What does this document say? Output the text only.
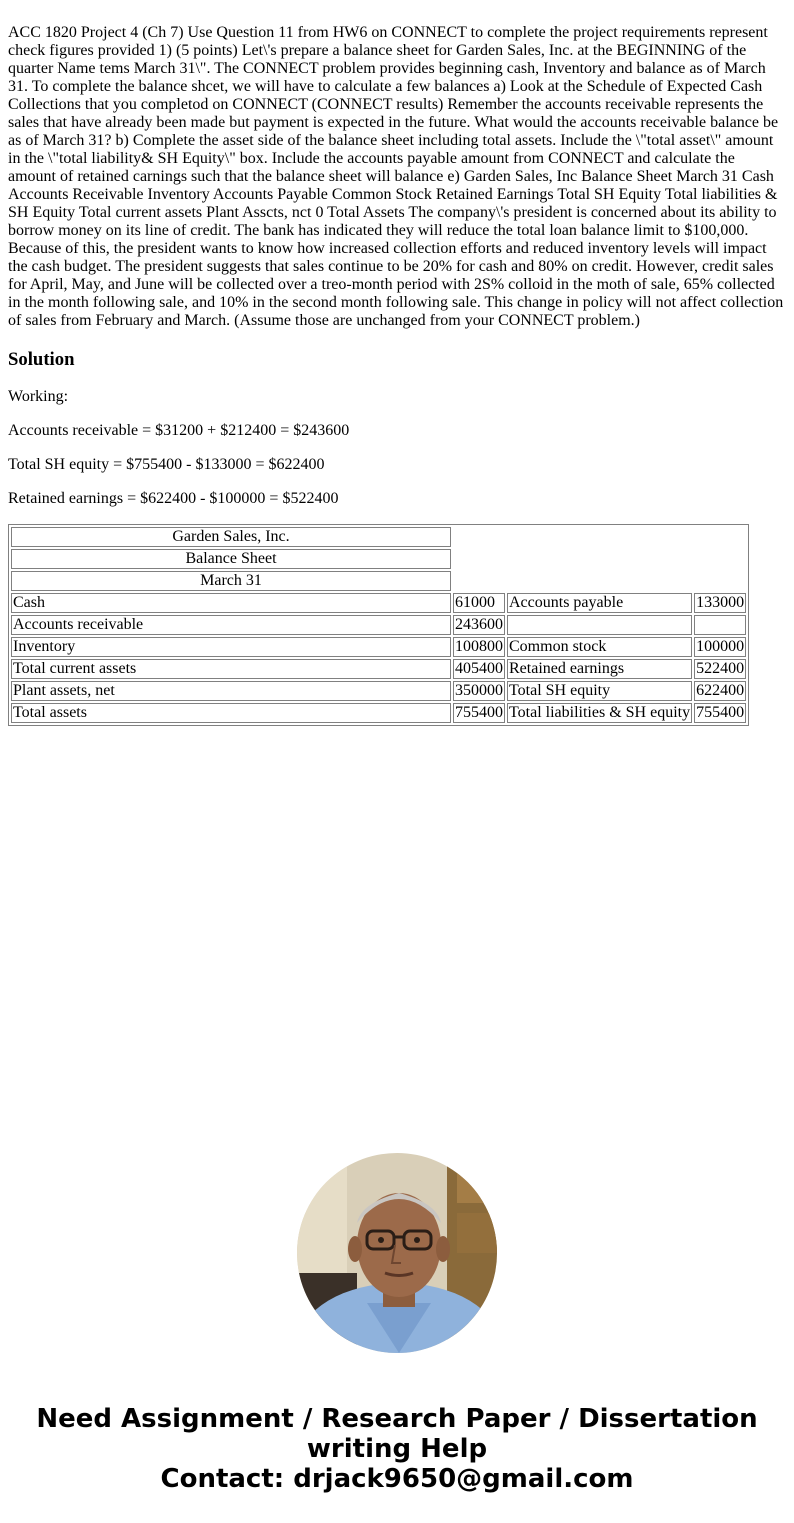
ACC 1820 Project 4 (Ch 7) Use Question 11 from HW6 on CONNECT to complete the project requirements represent check figures provided 1) (5 points) Let\'s prepare a balance sheet for Garden Sales, Inc. at the BEGINNING of the quarter Name tems March 31\". The CONNECT problem provides beginning cash, Inventory and balance as of March 31. To complete the balance shcet, we will have to calculate a few balances a) Look at the Schedule of Expected Cash Collections that you completod on CONNECT (CONNECT results) Remember the accounts receivable represents the sales that have already been made but payment is expected in the future. What would the accounts receivable balance be as of March 31? b) Complete the asset side of the balance sheet including total assets. Include the \"total asset\" amount in the \"total liability& SH Equity\" box. Include the accounts payable amount from CONNECT and calculate the amount of retained carnings such that the balance sheet will balance e) Garden Sales, Inc Balance Sheet March 31 Cash Accounts Receivable Inventory Accounts Payable Common Stock Retained Earnings Total SH Equity Total liabilities & SH Equity Total current assets Plant Asscts, nct 0 Total Assets The company\'s president is concerned about its ability to borrow money on its line of credit. The bank has indicated they will reduce the total loan balance limit to $100,000. Because of this, the president wants to know how increased collection efforts and reduced inventory levels will impact the cash budget. The president suggests that sales continue to be 20% for cash and 80% on credit. However, credit sales for April, May, and June will be collected over a treo-month period with 2S% colloid in the moth of sale, 65% collected in the month following sale, and 10% in the second month following sale. This change in policy will not affect collection of sales from February and March. (Assume those are unchanged from your CONNECT problem.)

Solution

Working:

Accounts receivable = $31200 + $212400 = $243600

Total SH equity = $755400 - $133000 = $622400

Retained earnings = $622400 - $100000 = $522400

Garden Sales, Inc.			
Balance Sheet			
March 31			
Cash	61000	Accounts payable	133000
Accounts receivable	243600		
Inventory	100800	Common stock	100000
Total current assets	405400	Retained earnings	522400
Plant assets, net	350000	Total SH equity	622400
Total assets	755400	Total liabilities & SH equity	755400
Need Assignment / Research Paper / Dissertation
writing Help
Contact: drjack9650@gmail.com
